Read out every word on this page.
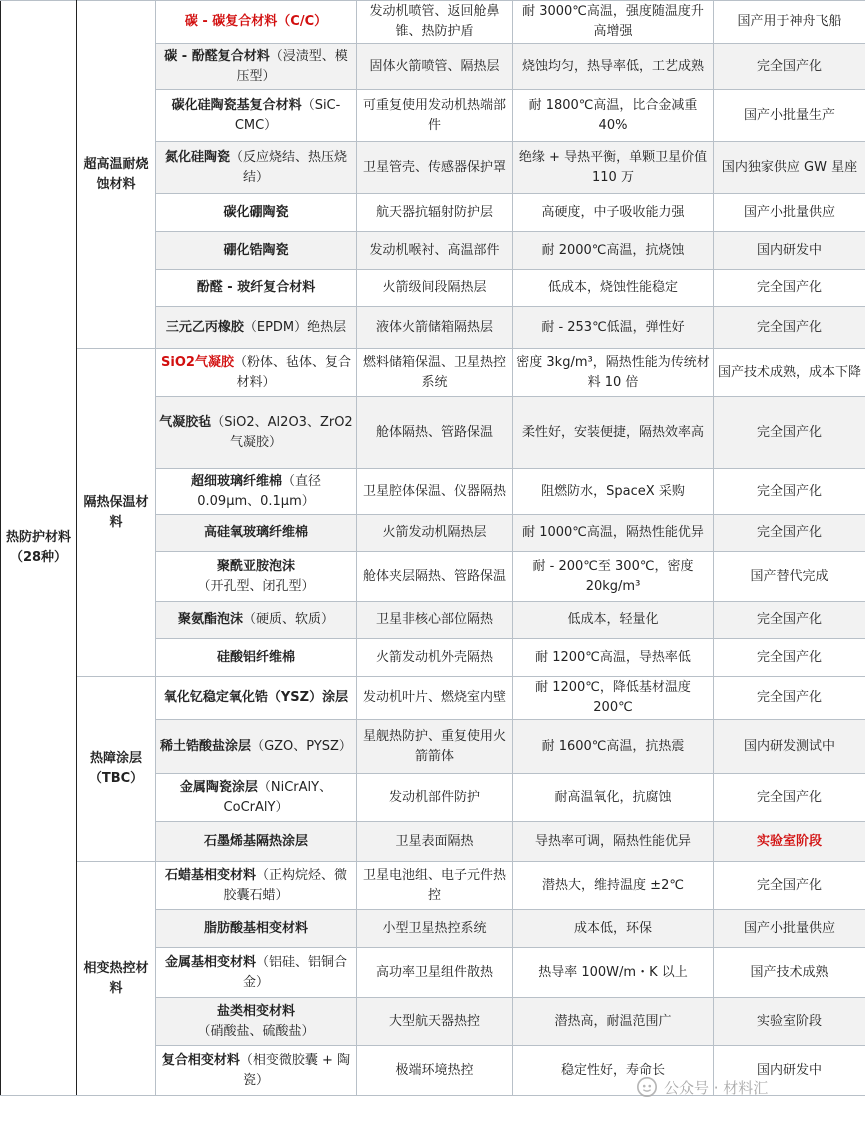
热防护材料（28种）	超高温耐烧蚀材料	碳 - 碳复合材料（C/C）	发动机喷管、返回舱鼻锥、热防护盾	耐 3000℃高温，强度随温度升高增强	国产用于神舟飞船
		碳 - 酚醛复合材料（浸渍型、模压型）	固体火箭喷管、隔热层	烧蚀均匀，热导率低，工艺成熟	完全国产化
		碳化硅陶瓷基复合材料（SiC-CMC）	可重复使用发动机热端部件	耐 1800℃高温，比合金减重 40%	国产小批量生产
		氮化硅陶瓷（反应烧结、热压烧结）	卫星管壳、传感器保护罩	绝缘 + 导热平衡，单颗卫星价值 110 万	国内独家供应 GW 星座
		碳化硼陶瓷	航天器抗辐射防护层	高硬度，中子吸收能力强	国产小批量供应
		硼化锆陶瓷	发动机喉衬、高温部件	耐 2000℃高温，抗烧蚀	国内研发中
		酚醛 - 玻纤复合材料	火箭级间段隔热层	低成本，烧蚀性能稳定	完全国产化
		三元乙丙橡胶（EPDM）绝热层	液体火箭储箱隔热层	耐 - 253℃低温，弹性好	完全国产化
	隔热保温材料	SiO2气凝胶（粉体、毡体、复合材料）	燃料储箱保温、卫星热控系统	密度 3kg/m³，隔热性能为传统材料 10 倍	国产技术成熟，成本下降
		气凝胶毡（SiO2、Al2O3、ZrO2气凝胶）	舱体隔热、管路保温	柔性好，安装便捷，隔热效率高	完全国产化
		超细玻璃纤维棉（直径 0.09μm、0.1μm）	卫星腔体保温、仪器隔热	阻燃防水，SpaceX 采购	完全国产化
		高硅氧玻璃纤维棉	火箭发动机隔热层	耐 1000℃高温，隔热性能优异	完全国产化
		聚酰亚胺泡沫（开孔型、闭孔型）	舱体夹层隔热、管路保温	耐 - 200℃至 300℃，密度 20kg/m³	国产替代完成
		聚氨酯泡沫（硬质、软质）	卫星非核心部位隔热	低成本，轻量化	完全国产化
		硅酸铝纤维棉	火箭发动机外壳隔热	耐 1200℃高温，导热率低	完全国产化
	热障涂层（TBC）	氧化钇稳定氧化锆（YSZ）涂层	发动机叶片、燃烧室内壁	耐 1200℃，降低基材温度 200℃	完全国产化
		稀土锆酸盐涂层（GZO、PYSZ）	星舰热防护、重复使用火箭箭体	耐 1600℃高温，抗热震	国内研发测试中
		金属陶瓷涂层（NiCrAlY、CoCrAlY）	发动机部件防护	耐高温氧化，抗腐蚀	完全国产化
		石墨烯基隔热涂层	卫星表面隔热	导热率可调，隔热性能优异	实验室阶段
	相变热控材料	石蜡基相变材料（正构烷烃、微胶囊石蜡）	卫星电池组、电子元件热控	潜热大，维持温度 ±2℃	完全国产化
		脂肪酸基相变材料	小型卫星热控系统	成本低，环保	国产小批量供应
		金属基相变材料（铝硅、铝铜合金）	高功率卫星组件散热	热导率 100W/m・K 以上	国产技术成熟
		盐类相变材料（硝酸盐、硫酸盐）	大型航天器热控	潜热高，耐温范围广	实验室阶段
		复合相变材料（相变微胶囊 + 陶瓷）	极端环境热控	稳定性好，寿命长	国内研发中
公众号 · 材料汇
